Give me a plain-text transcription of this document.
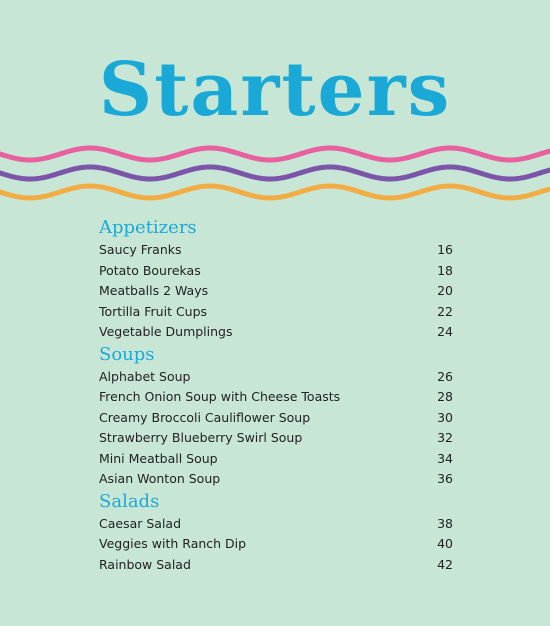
Starters
Appetizers
Saucy Franks	16
Potato Bourekas	18
Meatballs 2 Ways	20
Tortilla Fruit Cups	22
Vegetable Dumplings	24
Soups
Alphabet Soup	26
French Onion Soup with Cheese Toasts	28
Creamy Broccoli Cauliflower Soup	30
Strawberry Blueberry Swirl Soup	32
Mini Meatball Soup	34
Asian Wonton Soup	36
Salads
Caesar Salad	38
Veggies with Ranch Dip	40
Rainbow Salad	42
